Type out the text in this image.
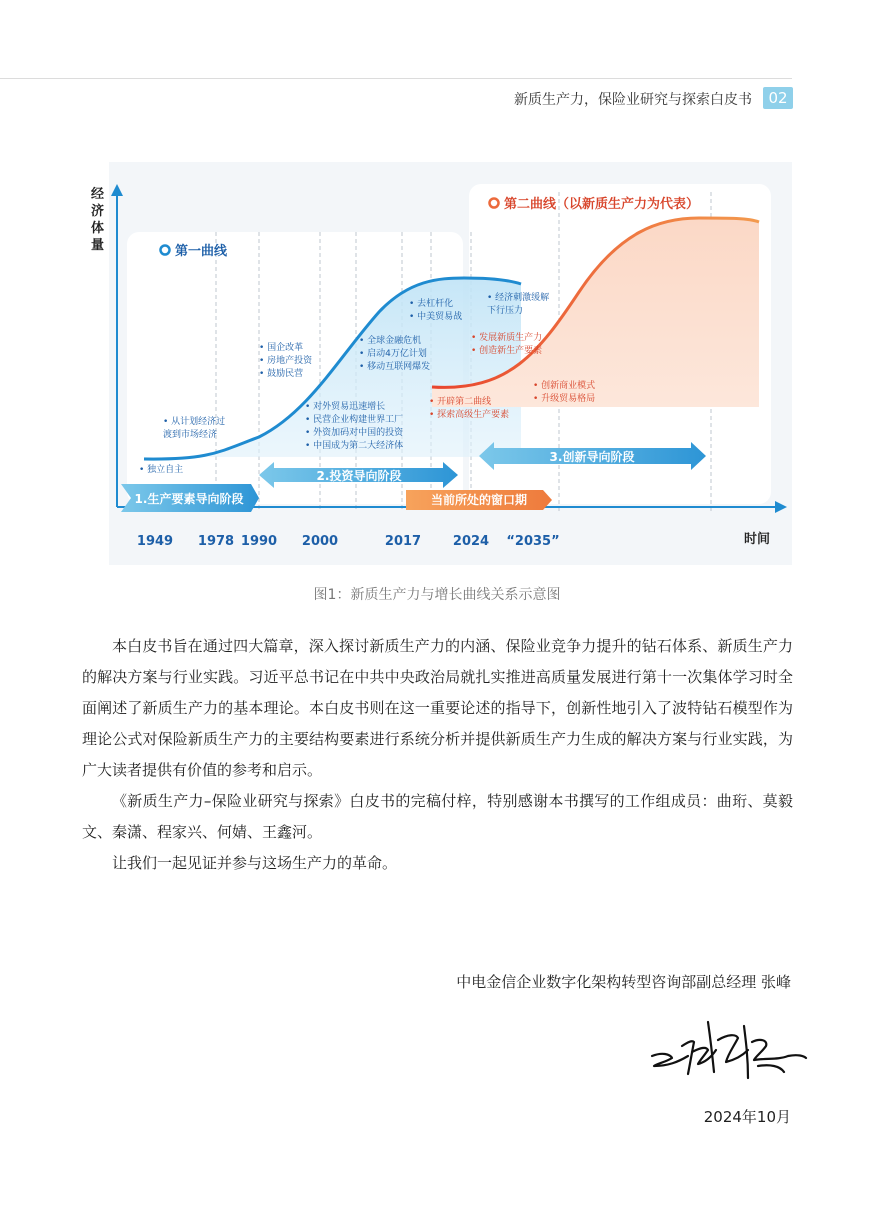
新质生产力，保险业研究与探索白皮书	02
经
济
体
量	第一曲线
第二曲线（以新质生产力为代表）
• 独立自主
• 从计划经济过
渡到市场经济
• 国企改革
• 房地产投资
• 鼓励民营
• 对外贸易迅速增长
• 民营企业构建世界工厂
• 外资加码对中国的投资
• 中国成为第二大经济体
• 全球金融危机
• 启动4万亿计划
• 移动互联网爆发
• 去杠杆化
• 中美贸易战
• 经济刺激缓解
下行压力
• 发展新质生产力
• 创造新生产要素
• 开辟第二曲线
• 探索高级生产要素
• 创新商业模式
• 升级贸易格局
1.生产要素导向阶段
2.投资导向阶段
3.创新导向阶段
当前所处的窗口期
1949 1978 1990 2000	2017 2024 “2035”	时间
图1：新质生产力与增长曲线关系示意图

本白皮书旨在通过四大篇章，深入探讨新质生产力的内涵、保险业竞争力提升的钻石体系、新质生产力的解决方案与行业实践。习近平总书记在中共中央政治局就扎实推进高质量发展进行第十一次集体学习时全面阐述了新质生产力的基本理论。本白皮书则在这一重要论述的指导下，创新性地引入了波特钻石模型作为理论公式对保险新质生产力的主要结构要素进行系统分析并提供新质生产力生成的解决方案与行业实践，为广大读者提供有价值的参考和启示。

《新质生产力–保险业研究与探索》白皮书的完稿付梓，特别感谢本书撰写的工作组成员：曲珩、莫毅文、秦潇、程家兴、何婧、王鑫河。

让我们一起见证并参与这场生产力的革命。

中电金信企业数字化架构转型咨询部副总经理 张峰
2024年10月
